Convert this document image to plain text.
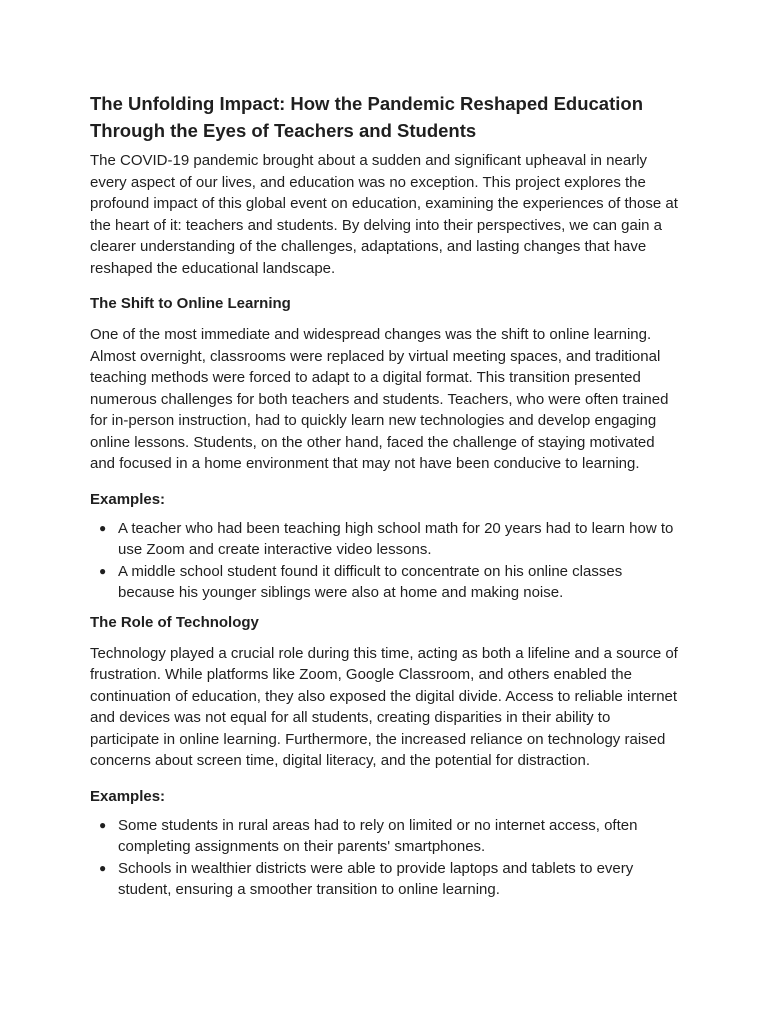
The Unfolding Impact: How the Pandemic Reshaped Education Through the Eyes of Teachers and Students

The COVID-19 pandemic brought about a sudden and significant upheaval in nearly every aspect of our lives, and education was no exception. This project explores the profound impact of this global event on education, examining the experiences of those at the heart of it: teachers and students. By delving into their perspectives, we can gain a clearer understanding of the challenges, adaptations, and lasting changes that have reshaped the educational landscape.

The Shift to Online Learning

One of the most immediate and widespread changes was the shift to online learning. Almost overnight, classrooms were replaced by virtual meeting spaces, and traditional teaching methods were forced to adapt to a digital format. This transition presented numerous challenges for both teachers and students. Teachers, who were often trained for in-person instruction, had to quickly learn new technologies and develop engaging online lessons. Students, on the other hand, faced the challenge of staying motivated and focused in a home environment that may not have been conducive to learning.

Examples:
● A teacher who had been teaching high school math for 20 years had to learn how to use Zoom and create interactive video lessons.
● A middle school student found it difficult to concentrate on his online classes because his younger siblings were also at home and making noise.
The Role of Technology

Technology played a crucial role during this time, acting as both a lifeline and a source of frustration. While platforms like Zoom, Google Classroom, and others enabled the continuation of education, they also exposed the digital divide. Access to reliable internet and devices was not equal for all students, creating disparities in their ability to participate in online learning. Furthermore, the increased reliance on technology raised concerns about screen time, digital literacy, and the potential for distraction.

Examples:
● Some students in rural areas had to rely on limited or no internet access, often completing assignments on their parents' smartphones.
● Schools in wealthier districts were able to provide laptops and tablets to every student, ensuring a smoother transition to online learning.
